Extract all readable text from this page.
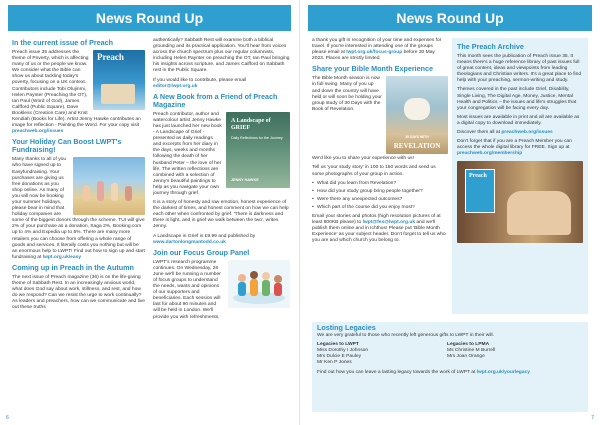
News Round Up
In the current issue of Preach
Preach

Preach issue 35 addresses the theme of Poverty, which is affecting many of us or the people we know. We consider what the Bible can show us about tackling today's poverty, focusing on a UK context. Contributors include Tobi Olujinmi, Helen Paynter (Preaching the OT), Ian Paul (Word of God), James Calfford (Public Square), Dave Bookless (Creation Care) and Krist Kendiah (Books for Life). Artist Jenny Hawke contributes an image for reflection - Painting the Word. For your copy visit preachweb.org/issues

Your Holiday Can Boost LWPT's Fundraising!

Many thanks to all of you who have signed up to Easyfundraising. Your purchases are giving us free donations as you shop online. As many of you will now be booking your summer holidays, please bear in mind that holiday companies are some of the biggest donors through the scheme. TUI will give 2% of your purchase as a donation, Saga 2%, Booking.com up to 4% and Expedia up to 5%. There are many more retailers you can choose from offering a whole range of goods and services. It literally costs you nothing but will be an enormous help to LWPT! Find out how to sign up and start fundraising at lwpt.org.uk/easy

Coming up in Preach in the Autumn

The next issue of Preach magazine (36) is on the life-giving theme of Sabbath Rest. In an increasingly anxious world, what does God say about work, stillness, and rest, and how do we respond? Can we resist the urge to work continually? As leaders and preachers, how can we communicate and live out these truths

authentically? Sabbath Rest will examine both a biblical grounding and its practical application. You'll hear from voices across the church spectrum plus our regular columnists, including Helen Paynter on preaching the OT, Ian Paul bringing his insights across scripture, and James Calfford on Sabbath rest in the Public Square.

If you would like to contribute, please email editor@lwpt.org.uk

A New Book from a Friend of Preach Magazine
A Landscape of GRIEF
Daily Reflections for the Journey
JENNY HAWKE

Preach contributor, author and watercolour artist Jenny Hawke has just launched her new book - A Landscape of Grief - presented as daily readings and excerpts from her diary in the days, weeks and months following the death of her husband Peter – the love of her life. The written reflections are combined with a selection of Jenny's beautiful paintings to help as you navigate your own journey through grief.

It is a story of honesty and raw emotion, honest experience of the darkest of times, and honest comment on how we can help each other when confronted by grief. 'There is darkness and there is light, and in grief we walk between the two', writes Jenny.

A Landscape in Grief is £9.99 and published by www.dartonlongmantodd.co.uk

Join our Focus Group Panel

LWPT's research programme continues. On Wednesday, 28 June we'll be running a number of focus groups to understand the needs, wants and opinions of our supporters and beneficiaries. Each session will last for about 90 minutes and will be held in London. We'll provide you with refreshments,

6
News Round Up

a thank you gift in recognition of your time and expenses for travel. If you're interested in attending one of the groups please email at lwpt.org.uk/focus-group before 30 May 2023. Places are strictly limited.

Share your Bible Month Experience
30 DAYS WITH
REVELATION

The Bible Month season is now in full swing. Many of you up and down the country will have held or will soon be holding your group study of 30 Days with the Book of Revelation.

We'd like you to share your experience with us!

Tell us 'your study story' in 100 to 150 words and send us some photographs of your group in action.

• What did you learn from Revelation?
• How did your study group bring people together?
• Were there any unexpected outcomes?
• Which part of the course did you enjoy most?

Email your stories and photos (high resolution pictures of at least 800KB please) to lwpt@fex@lwpt.org.uk and we'll publish them online and in Ichthus! Please put 'Bible Month Experience' as your subject header. Don't forget to tell us who you are and which church you belong to.

The Preach Archive

This month sees the publication of Preach issue 35. It means there's a huge reference library of past issues full of great content, ideas and viewpoints from leading theologians and Christian writers. It's a great place to find help with your preaching, sermon-writing and study.

Themes covered in the past include Grief, Disability, Single Living, The Digital Age, Money, Justice, Mental Health and Politics – the issues and life's struggles that your congregation will be facing every day.

Most issues are available in print and all are available as a digital copy to download immediately.

Discover them all at preachweb.org/issues

Don't forget that if you are a Preach Member you can access the whole digital library for FREE. Sign up at preachweb.org/membership

Preach
Losting Legacies

We are very grateful to those who recently left generous gifts to LWPT in their will.

Legacies to LWPT
Miss Dorothy I Johnson
Mrs Dulcie E Pauley
Mr Ken P Jones
Legacies to LPMA
Ms Christine M Burrell
Mrs Joan Orange

Find out how you can leave a lasting legacy towards the work of LWPT at lwpt.org.uk/yourlegacy

7
